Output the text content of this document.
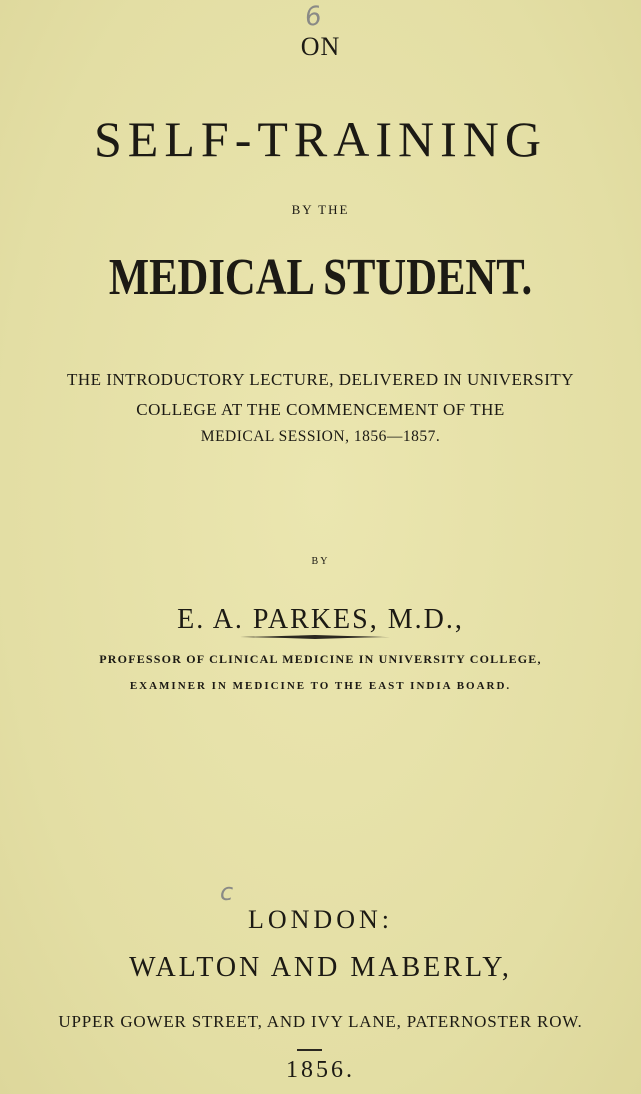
6
ON
SELF-TRAINING
BY THE
MEDICAL STUDENT.
THE INTRODUCTORY LECTURE, DELIVERED IN UNIVERSITY
COLLEGE AT THE COMMENCEMENT OF THE
MEDICAL SESSION, 1856—1857.
BY
E. A. PARKES, M.D.,
PROFESSOR OF CLINICAL MEDICINE IN UNIVERSITY COLLEGE,
EXAMINER IN MEDICINE TO THE EAST INDIA BOARD.
c
LONDON:
WALTON AND MABERLY,
UPPER GOWER STREET, AND IVY LANE, PATERNOSTER ROW.
1856.
